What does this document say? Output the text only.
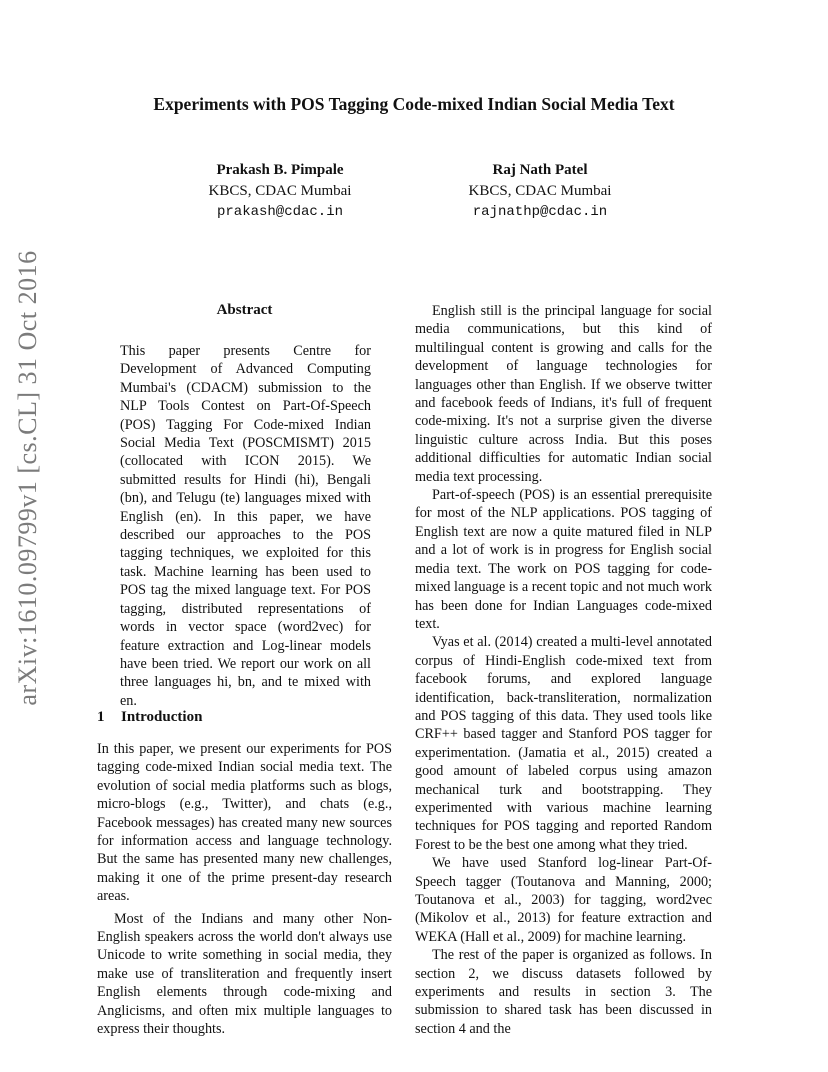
Experiments with POS Tagging Code-mixed Indian Social Media Text
Prakash B. Pimpale
KBCS, CDAC Mumbai
prakash@cdac.in
Raj Nath Patel
KBCS, CDAC Mumbai
rajnathp@cdac.in
arXiv:1610.09799v1 [cs.CL] 31 Oct 2016	Abstract
This paper presents Centre for Development of Advanced Computing Mumbai's (CDACM) submission to the NLP Tools Contest on Part-Of-Speech (POS) Tagging For Code-mixed Indian Social Media Text (POSCMISMT) 2015 (collocated with ICON 2015). We submitted results for Hindi (hi), Bengali (bn), and Telugu (te) languages mixed with English (en). In this paper, we have described our approaches to the POS tagging techniques, we exploited for this task. Machine learning has been used to POS tag the mixed language text. For POS tagging, distributed representations of words in vector space (word2vec) for feature extraction and Log-linear models have been tried. We report our work on all three languages hi, bn, and te mixed with en.
1 Introduction

In this paper, we present our experiments for POS tagging code-mixed Indian social media text. The evolution of social media platforms such as blogs, micro-blogs (e.g., Twitter), and chats (e.g., Facebook messages) has created many new sources for information access and language technology. But the same has presented many new challenges, making it one of the prime present-day research areas.

Most of the Indians and many other Non-English speakers across the world don't always use Unicode to write something in social media, they make use of transliteration and frequently insert English elements through code-mixing and Anglicisms, and often mix multiple languages to express their thoughts.

English still is the principal language for social media communications, but this kind of multilingual content is growing and calls for the development of language technologies for languages other than English. If we observe twitter and facebook feeds of Indians, it's full of frequent code-mixing. It's not a surprise given the diverse linguistic culture across India. But this poses additional difficulties for automatic Indian social media text processing.

Part-of-speech (POS) is an essential prerequisite for most of the NLP applications. POS tagging of English text are now a quite matured filed in NLP and a lot of work is in progress for English social media text. The work on POS tagging for code-mixed language is a recent topic and not much work has been done for Indian Languages code-mixed text.

Vyas et al. (2014) created a multi-level annotated corpus of Hindi-English code-mixed text from facebook forums, and explored language identification, back-transliteration, normalization and POS tagging of this data. They used tools like CRF++ based tagger and Stanford POS tagger for experimentation. (Jamatia et al., 2015) created a good amount of labeled corpus using amazon mechanical turk and bootstrapping. They experimented with various machine learning techniques for POS tagging and reported Random Forest to be the best one among what they tried.

We have used Stanford log-linear Part-Of-Speech tagger (Toutanova and Manning, 2000; Toutanova et al., 2003) for tagging, word2vec (Mikolov et al., 2013) for feature extraction and WEKA (Hall et al., 2009) for machine learning.

The rest of the paper is organized as follows. In section 2, we discuss datasets followed by experiments and results in section 3. The submission to shared task has been discussed in section 4 and the
